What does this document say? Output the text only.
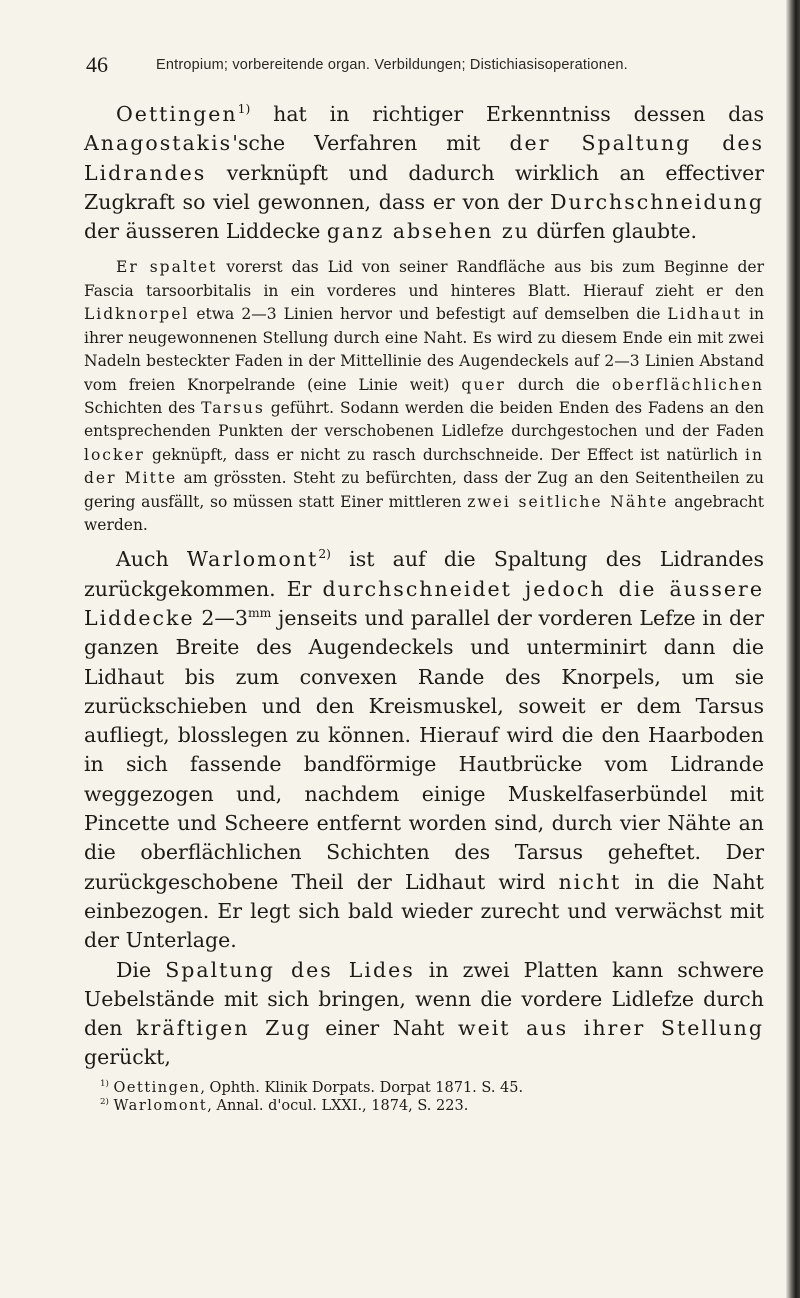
46	Entropium; vorbereitende organ. Verbildungen; Distichiasisoperationen.

Oettingen$^{1)}$ hat in richtiger Erkenntniss dessen das Anagostakis'sche Verfahren mit der Spaltung des Lidrandes verknüpft und dadurch wirklich an effectiver Zugkraft so viel gewonnen, dass er von der Durchschneidung der äusseren Liddecke ganz absehen zu dürfen glaubte.

Er spaltet vorerst das Lid von seiner Randfläche aus bis zum Beginne der Fascia tarsoorbitalis in ein vorderes und hinteres Blatt. Hierauf zieht er den Lidknorpel etwa 2—3 Linien hervor und befestigt auf demselben die Lidhaut in ihrer neugewonnenen Stellung durch eine Naht. Es wird zu diesem Ende ein mit zwei Nadeln besteckter Faden in der Mittellinie des Augendeckels auf 2—3 Linien Abstand vom freien Knorpelrande (eine Linie weit) quer durch die oberflächlichen Schichten des Tarsus geführt. Sodann werden die beiden Enden des Fadens an den entsprechenden Punkten der verschobenen Lidlefze durchgestochen und der Faden locker geknüpft, dass er nicht zu rasch durchschneide. Der Effect ist natürlich in der Mitte am grössten. Steht zu befürchten, dass der Zug an den Seitentheilen zu gering ausfällt, so müssen statt Einer mittleren zwei seitliche Nähte angebracht werden.

Auch Warlomont$^{2)}$ ist auf die Spaltung des Lidrandes zurückgekommen. Er durchschneidet jedoch die äussere Liddecke $2—3^{mm}$ jenseits und parallel der vorderen Lefze in der ganzen Breite des Augendeckels und unterminirt dann die Lidhaut bis zum convexen Rande des Knorpels, um sie zurückschieben und den Kreismuskel, soweit er dem Tarsus aufliegt, blosslegen zu können. Hierauf wird die den Haarboden in sich fassende bandförmige Hautbrücke vom Lidrande weggezogen und, nachdem einige Muskelfaserbündel mit Pincette und Scheere entfernt worden sind, durch vier Nähte an die oberflächlichen Schichten des Tarsus geheftet. Der zurückgeschobene Theil der Lidhaut wird nicht in die Naht einbezogen. Er legt sich bald wieder zurecht und verwächst mit der Unterlage.

Die Spaltung des Lides in zwei Platten kann schwere Uebelstände mit sich bringen, wenn die vordere Lidlefze durch den kräftigen Zug einer Naht weit aus ihrer Stellung gerückt,

$^{1)}$ Oettingen, Ophth. Klinik Dorpats. Dorpat 1871. S. 45.
$^{2)}$ Warlomont, Annal. d'ocul. LXXI., 1874, S. 223.
